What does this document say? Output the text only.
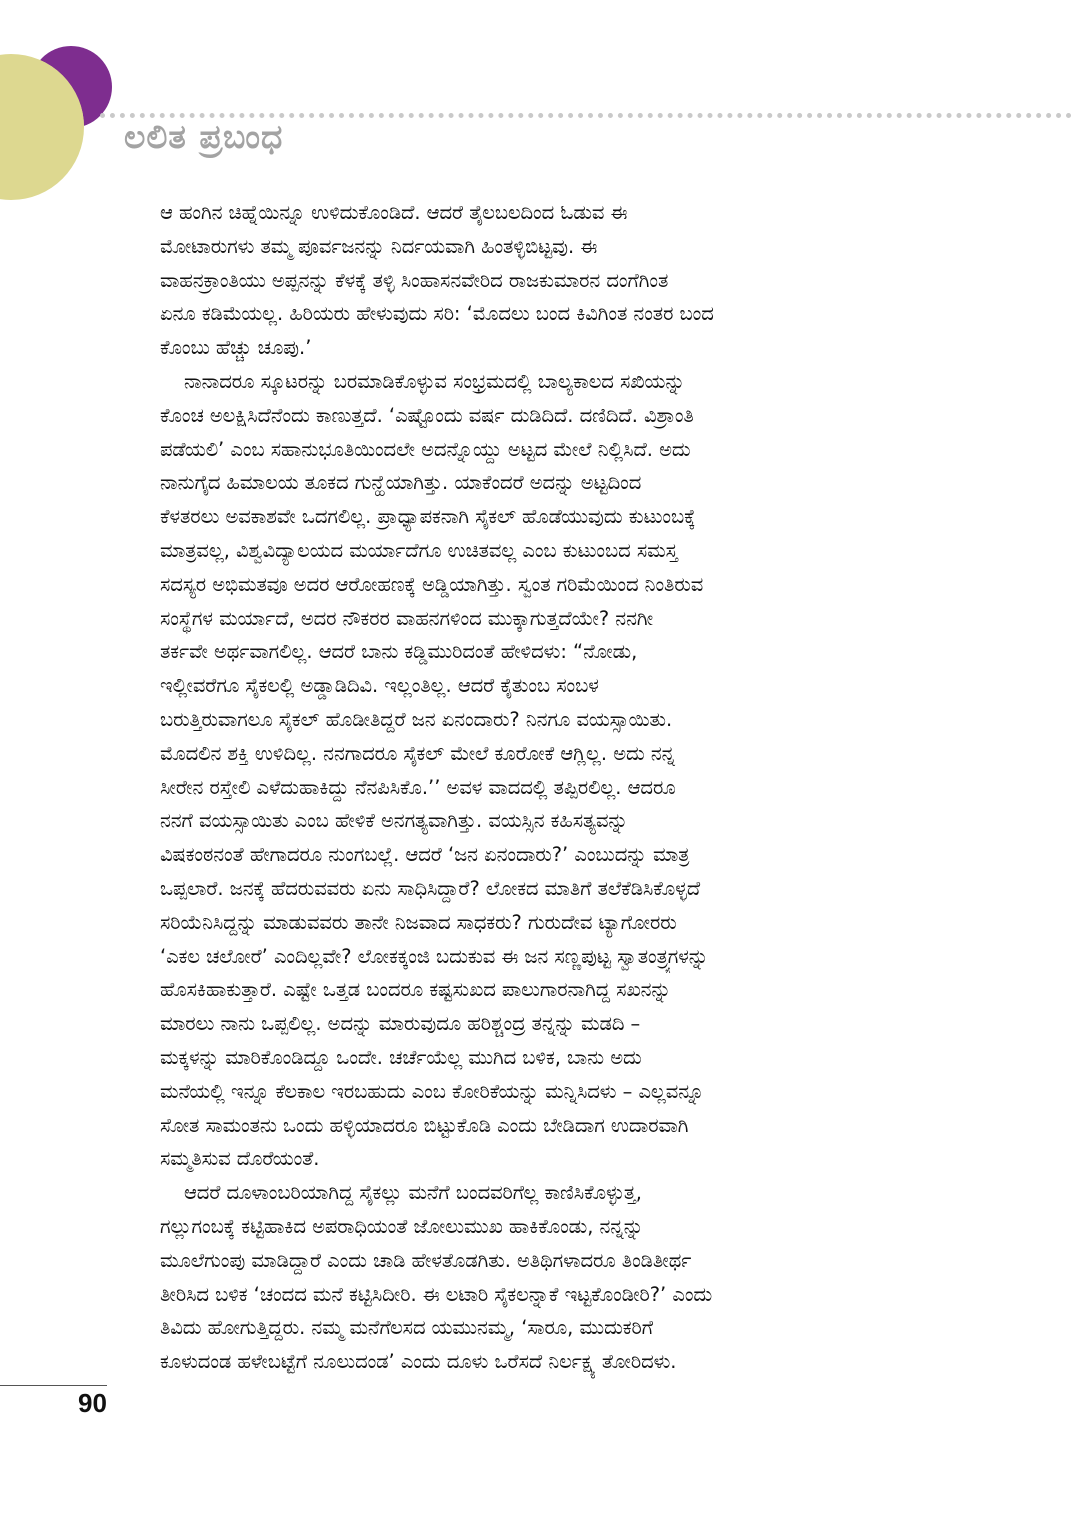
ಲಲಿತ ಪ್ರಬಂಧ
ಆ ಹಂಗಿನ ಚಿಹ್ನೆಯಿನ್ನೂ ಉಳಿದುಕೊಂಡಿದೆ. ಆದರೆ ತೈಲಬಲದಿಂದ ಓಡುವ ಈ
ಮೋಟಾರುಗಳು ತಮ್ಮ ಪೂರ್ವಜನನ್ನು ನಿರ್ದಯವಾಗಿ ಹಿಂತಳ್ಳಿಬಿಟ್ಟವು. ಈ
ವಾಹನಕ್ರಾಂತಿಯು ಅಪ್ಪನನ್ನು ಕೆಳಕ್ಕೆ ತಳ್ಳಿ ಸಿಂಹಾಸನವೇರಿದ ರಾಜಕುಮಾರನ ದಂಗೆಗಿಂತ
ಏನೂ ಕಡಿಮೆಯಲ್ಲ. ಹಿರಿಯರು ಹೇಳುವುದು ಸರಿ: ‘ಮೊದಲು ಬಂದ ಕಿವಿಗಿಂತ ನಂತರ ಬಂದ
ಕೊಂಬು ಹೆಚ್ಚು ಚೂಪು.’
ನಾನಾದರೂ ಸ್ಕೂಟರನ್ನು ಬರಮಾಡಿಕೊಳ್ಳುವ ಸಂಭ್ರಮದಲ್ಲಿ ಬಾಲ್ಯಕಾಲದ ಸಖಿಯನ್ನು
ಕೊಂಚ ಅಲಕ್ಷಿಸಿದೆನೆಂದು ಕಾಣುತ್ತದೆ. ‘ಎಷ್ಟೊಂದು ವರ್ಷ ದುಡಿದಿದೆ. ದಣಿದಿದೆ. ವಿಶ್ರಾಂತಿ
ಪಡೆಯಲಿ’ ಎಂಬ ಸಹಾನುಭೂತಿಯಿಂದಲೇ ಅದನ್ನೊಯ್ದು ಅಟ್ಟದ ಮೇಲೆ ನಿಲ್ಲಿಸಿದೆ. ಅದು
ನಾನುಗೈದ ಹಿಮಾಲಯ ತೂಕದ ಗುನ್ಹೆಯಾಗಿತ್ತು. ಯಾಕೆಂದರೆ ಅದನ್ನು ಅಟ್ಟದಿಂದ
ಕೆಳತರಲು ಅವಕಾಶವೇ ಒದಗಲಿಲ್ಲ. ಪ್ರಾಧ್ಯಾಪಕನಾಗಿ ಸೈಕಲ್ ಹೊಡೆಯುವುದು ಕುಟುಂಬಕ್ಕೆ
ಮಾತ್ರವಲ್ಲ, ವಿಶ್ವವಿದ್ಯಾಲಯದ ಮರ್ಯಾದೆಗೂ ಉಚಿತವಲ್ಲ ಎಂಬ ಕುಟುಂಬದ ಸಮಸ್ತ
ಸದಸ್ಯರ ಅಭಿಮತವೂ ಅದರ ಆರೋಹಣಕ್ಕೆ ಅಡ್ಡಿಯಾಗಿತ್ತು. ಸ್ವಂತ ಗರಿಮೆಯಿಂದ ನಿಂತಿರುವ
ಸಂಸ್ಥೆಗಳ ಮರ್ಯಾದೆ, ಅದರ ನೌಕರರ ವಾಹನಗಳಿಂದ ಮುಕ್ಕಾಗುತ್ತದೆಯೇ? ನನಗೀ
ತರ್ಕವೇ ಅರ್ಥವಾಗಲಿಲ್ಲ. ಆದರೆ ಬಾನು ಕಡ್ಡಿಮುರಿದಂತೆ ಹೇಳಿದಳು: “ನೋಡು,
ಇಲ್ಲೀವರೆಗೂ ಸೈಕಲಲ್ಲಿ ಅಡ್ಡಾಡಿದಿವಿ. ಇಲ್ಲಂತಿಲ್ಲ. ಆದರೆ ಕೈತುಂಬ ಸಂಬಳ
ಬರುತ್ತಿರುವಾಗಲೂ ಸೈಕಲ್ ಹೊಡೀತಿದ್ದರೆ ಜನ ಏನಂದಾರು? ನಿನಗೂ ವಯಸ್ಸಾಯಿತು.
ಮೊದಲಿನ ಶಕ್ತಿ ಉಳಿದಿಲ್ಲ. ನನಗಾದರೂ ಸೈಕಲ್ ಮೇಲೆ ಕೂರೋಕೆ ಆಗ್ಲಿಲ್ಲ. ಅದು ನನ್ನ
ಸೀರೇನ ರಸ್ತೇಲಿ ಎಳೆದುಹಾಕಿದ್ದು ನೆನಪಿಸಿಕೊ.’’ ಅವಳ ವಾದದಲ್ಲಿ ತಪ್ಪಿರಲಿಲ್ಲ. ಆದರೂ
ನನಗೆ ವಯಸ್ಸಾಯಿತು ಎಂಬ ಹೇಳಿಕೆ ಅನಗತ್ಯವಾಗಿತ್ತು. ವಯಸ್ಸಿನ ಕಹಿಸತ್ಯವನ್ನು
ವಿಷಕಂಠನಂತೆ ಹೇಗಾದರೂ ನುಂಗಬಲ್ಲೆ. ಆದರೆ ‘ಜನ ಏನಂದಾರು?’ ಎಂಬುದನ್ನು ಮಾತ್ರ
ಒಪ್ಪಲಾರೆ. ಜನಕ್ಕೆ ಹೆದರುವವರು ಏನು ಸಾಧಿಸಿದ್ದಾರೆ? ಲೋಕದ ಮಾತಿಗೆ ತಲೆಕೆಡಿಸಿಕೊಳ್ಳದೆ
ಸರಿಯೆನಿಸಿದ್ದನ್ನು ಮಾಡುವವರು ತಾನೇ ನಿಜವಾದ ಸಾಧಕರು? ಗುರುದೇವ ಟ್ಯಾಗೋರರು
‘ಎಕಲ ಚಲೋರೆ’ ಎಂದಿಲ್ಲವೇ? ಲೋಕಕ್ಕಂಜಿ ಬದುಕುವ ಈ ಜನ ಸಣ್ಣಪುಟ್ಟ ಸ್ವಾತಂತ್ರ್ಯಗಳನ್ನು
ಹೊಸಕಿಹಾಕುತ್ತಾರೆ. ಎಷ್ಟೇ ಒತ್ತಡ ಬಂದರೂ ಕಷ್ಟಸುಖದ ಪಾಲುಗಾರನಾಗಿದ್ದ ಸಖನನ್ನು
ಮಾರಲು ನಾನು ಒಪ್ಪಲಿಲ್ಲ. ಅದನ್ನು ಮಾರುವುದೂ ಹರಿಶ್ಚಂದ್ರ ತನ್ನನ್ನು ಮಡದಿ –
ಮಕ್ಕಳನ್ನು ಮಾರಿಕೊಂಡಿದ್ದೂ ಒಂದೇ. ಚರ್ಚೆಯೆಲ್ಲ ಮುಗಿದ ಬಳಿಕ, ಬಾನು ಅದು
ಮನೆಯಲ್ಲಿ ಇನ್ನೂ ಕೆಲಕಾಲ ಇರಬಹುದು ಎಂಬ ಕೋರಿಕೆಯನ್ನು ಮನ್ನಿಸಿದಳು – ಎಲ್ಲವನ್ನೂ
ಸೋತ ಸಾಮಂತನು ಒಂದು ಹಳ್ಳಿಯಾದರೂ ಬಿಟ್ಟುಕೊಡಿ ಎಂದು ಬೇಡಿದಾಗ ಉದಾರವಾಗಿ
ಸಮ್ಮತಿಸುವ ದೊರೆಯಂತೆ.
ಆದರೆ ದೂಳಾಂಬರಿಯಾಗಿದ್ದ ಸೈಕಲ್ಲು ಮನೆಗೆ ಬಂದವರಿಗೆಲ್ಲ ಕಾಣಿಸಿಕೊಳ್ಳುತ್ತ,
ಗಲ್ಲುಗಂಬಕ್ಕೆ ಕಟ್ಟಿಹಾಕಿದ ಅಪರಾಧಿಯಂತೆ ಜೋಲುಮುಖ ಹಾಕಿಕೊಂಡು, ನನ್ನನ್ನು
ಮೂಲೆಗುಂಪು ಮಾಡಿದ್ದಾರೆ ಎಂದು ಚಾಡಿ ಹೇಳತೊಡಗಿತು. ಅತಿಥಿಗಳಾದರೂ ತಿಂಡಿತೀರ್ಥ
ತೀರಿಸಿದ ಬಳಿಕ ‘ಚಂದದ ಮನೆ ಕಟ್ಟಿಸಿದೀರಿ. ಈ ಲಟಾರಿ ಸೈಕಲನ್ನಾಕೆ ಇಟ್ಟಕೊಂಡೀರಿ?’ ಎಂದು
ತಿವಿದು ಹೋಗುತ್ತಿದ್ದರು. ನಮ್ಮ ಮನೆಗೆಲಸದ ಯಮುನಮ್ಮ, ‘ಸಾರೂ, ಮುದುಕರಿಗೆ
ಕೂಳುದಂಡ ಹಳೇಬಟ್ಟೆಗೆ ನೂಲುದಂಡ’ ಎಂದು ದೂಳು ಒರೆಸದೆ ನಿರ್ಲಕ್ಷ್ಯ ತೋರಿದಳು.
90
